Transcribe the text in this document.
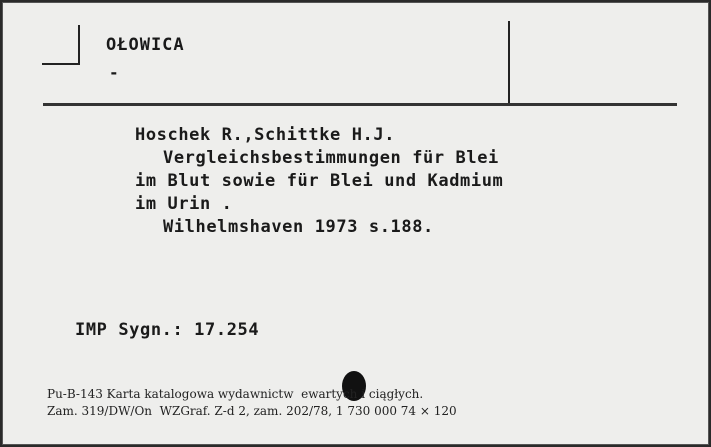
OŁOWICA
-
Hoschek R.,Schittke H.J.
Vergleichsbestimmungen für Blei
im Blut sowie für Blei und Kadmium
im Urin .
Wilhelmshaven 1973 s.188.
IMP Sygn.: 17.254
Pu-B-143 Karta katalogowa wydawnictw  ewartych i ciągłych.
Zam. 319/DW/On  WZGraf. Z-d 2, zam. 202/78, 1 730 000 74 × 120
